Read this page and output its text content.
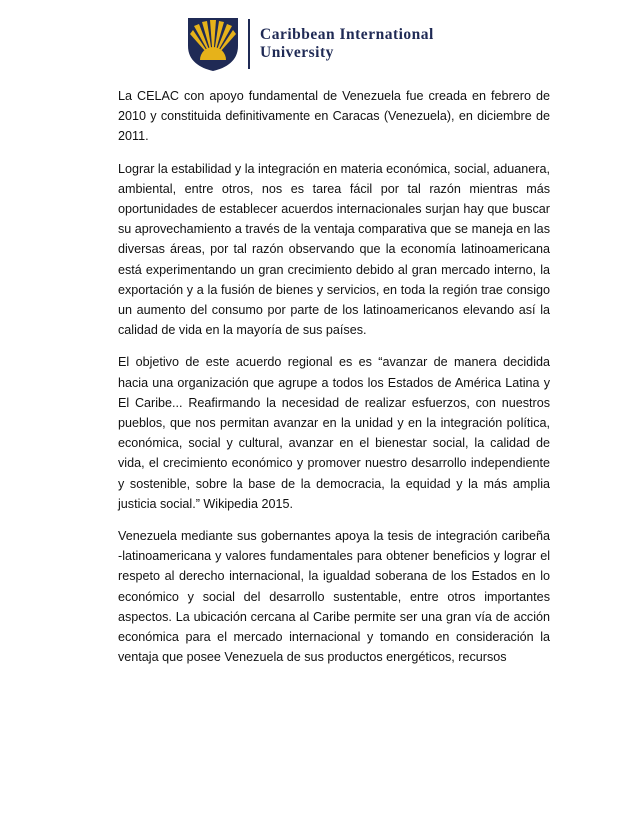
Caribbean International
University

La CELAC con apoyo fundamental de Venezuela fue creada en febrero de 2010 y constituida definitivamente en Caracas (Venezuela), en diciembre de 2011.

Lograr la estabilidad y la integración en materia económica, social, aduanera, ambiental, entre otros, nos es tarea fácil por tal razón mientras más oportunidades de establecer acuerdos internacionales surjan hay que buscar su aprovechamiento a través de la ventaja comparativa que se maneja en las diversas áreas, por tal razón observando que la economía latinoamericana está experimentando un gran crecimiento debido al gran mercado interno, la exportación y a la fusión de bienes y servicios, en toda la región trae consigo un aumento del consumo por parte de los latinoamericanos elevando así la calidad de vida en la mayoría de sus países.

El objetivo de este acuerdo regional es es “avanzar de manera decidida hacia una organización que agrupe a todos los Estados de América Latina y El Caribe... Reafirmando la necesidad de realizar esfuerzos, con nuestros pueblos, que nos permitan avanzar en la unidad y en la integración política, económica, social y cultural, avanzar en el bienestar social, la calidad de vida, el crecimiento económico y promover nuestro desarrollo independiente y sostenible, sobre la base de la democracia, la equidad y la más amplia justicia social.” Wikipedia 2015.

Venezuela mediante sus gobernantes apoya la tesis de integración caribeña -latinoamericana y valores fundamentales para obtener beneficios y lograr el respeto al derecho internacional, la igualdad soberana de los Estados en lo económico y social del desarrollo sustentable, entre otros importantes aspectos. La ubicación cercana al Caribe permite ser una gran vía de acción económica para el mercado internacional y tomando en consideración la ventaja que posee Venezuela de sus productos energéticos, recursos
